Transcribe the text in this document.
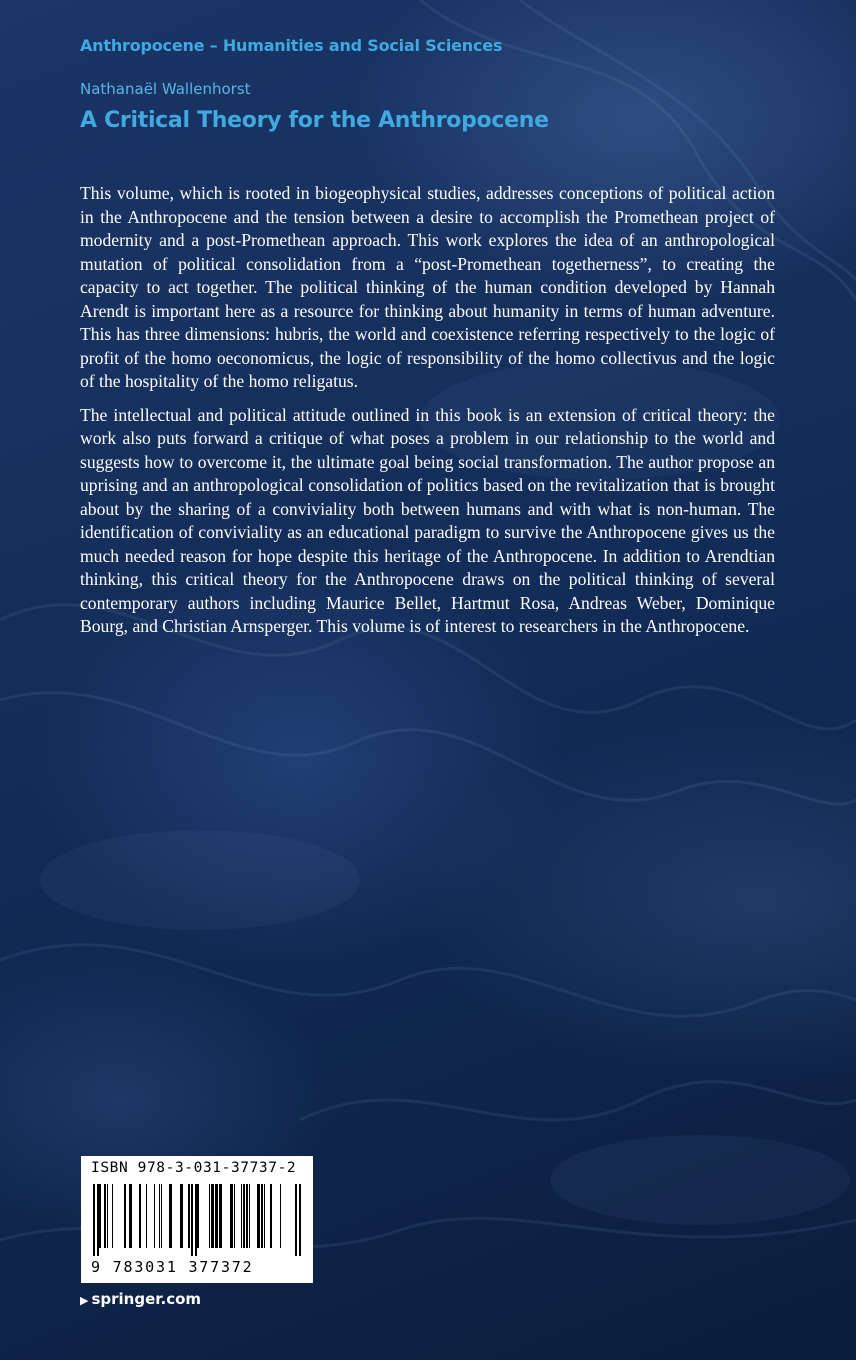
Anthropocene – Humanities and Social Sciences
Nathanaël Wallenhorst
A Critical Theory for the Anthropocene

This volume, which is rooted in biogeophysical studies, addresses conceptions of political action in the Anthropocene and the tension between a desire to accomplish the Promethean project of modernity and a post-Promethean approach. This work explores the idea of an anthropological mutation of political consolidation from a “post-Promethean togetherness”, to creating the capacity to act together. The political thinking of the human condition developed by Hannah Arendt is important here as a resource for thinking about humanity in terms of human adventure. This has three dimensions: hubris, the world and coexistence referring respectively to the logic of profit of the homo oeconomicus, the logic of responsibility of the homo collectivus and the logic of the hospitality of the homo religatus.

The intellectual and political attitude outlined in this book is an extension of critical theory: the work also puts forward a critique of what poses a problem in our relationship to the world and suggests how to overcome it, the ultimate goal being social transformation. The author propose an uprising and an anthropological consolidation of politics based on the revitalization that is brought about by the sharing of a conviviality both between humans and with what is non-human. The identification of conviviality as an educational paradigm to survive the Anthropocene gives us the much needed reason for hope despite this heritage of the Anthropocene. In addition to Arendtian thinking, this critical theory for the Anthropocene draws on the political thinking of several contemporary authors including Maurice Bellet, Hartmut Rosa, Andreas Weber, Dominique Bourg, and Christian Arnsperger. This volume is of interest to researchers in the Anthropocene.

ISBN 978-3-031-37737-2
9 783031 377372
▶ springer.com
